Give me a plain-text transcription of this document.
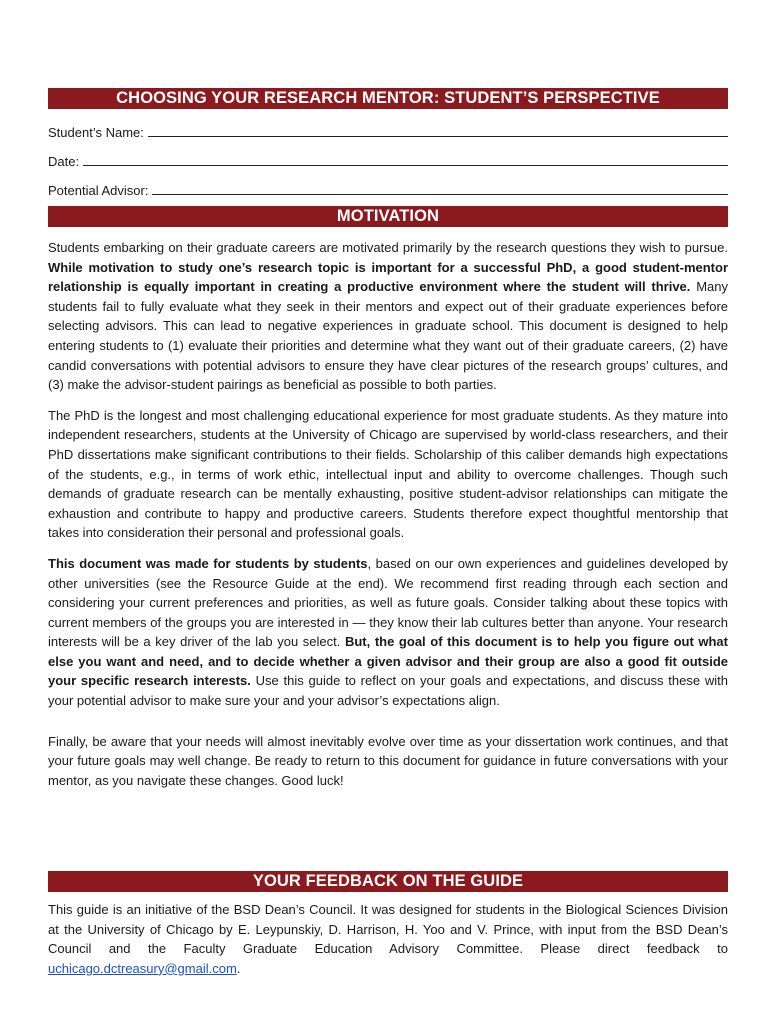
CHOOSING YOUR RESEARCH MENTOR: STUDENT’S PERSPECTIVE
Student’s Name:
Date:
Potential Advisor:
MOTIVATION

Students embarking on their graduate careers are motivated primarily by the research questions they wish to pursue. While motivation to study one’s research topic is important for a successful PhD, a good student-mentor relationship is equally important in creating a productive environment where the student will thrive. Many students fail to fully evaluate what they seek in their mentors and expect out of their graduate experiences before selecting advisors. This can lead to negative experiences in graduate school. This document is designed to help entering students to (1) evaluate their priorities and determine what they want out of their graduate careers, (2) have candid conversations with potential advisors to ensure they have clear pictures of the research groups’ cultures, and (3) make the advisor-student pairings as beneficial as possible to both parties.

The PhD is the longest and most challenging educational experience for most graduate students. As they mature into independent researchers, students at the University of Chicago are supervised by world-class researchers, and their PhD dissertations make significant contributions to their fields. Scholarship of this caliber demands high expectations of the students, e.g., in terms of work ethic, intellectual input and ability to overcome challenges. Though such demands of graduate research can be mentally exhausting, positive student-advisor relationships can mitigate the exhaustion and contribute to happy and productive careers. Students therefore expect thoughtful mentorship that takes into consideration their personal and professional goals.

This document was made for students by students, based on our own experiences and guidelines developed by other universities (see the Resource Guide at the end). We recommend first reading through each section and considering your current preferences and priorities, as well as future goals. Consider talking about these topics with current members of the groups you are interested in — they know their lab cultures better than anyone. Your research interests will be a key driver of the lab you select. But, the goal of this document is to help you figure out what else you want and need, and to decide whether a given advisor and their group are also a good fit outside your specific research interests. Use this guide to reflect on your goals and expectations, and discuss these with your potential advisor to make sure your and your advisor’s expectations align.

Finally, be aware that your needs will almost inevitably evolve over time as your dissertation work continues, and that your future goals may well change. Be ready to return to this document for guidance in future conversations with your mentor, as you navigate these changes. Good luck!

YOUR FEEDBACK ON THE GUIDE

This guide is an initiative of the BSD Dean’s Council. It was designed for students in the Biological Sciences Division at the University of Chicago by E. Leypunskiy, D. Harrison, H. Yoo and V. Prince, with input from the BSD Dean’s Council and the Faculty Graduate Education Advisory Committee. Please direct feedback to uchicago.dctreasury@gmail.com.
